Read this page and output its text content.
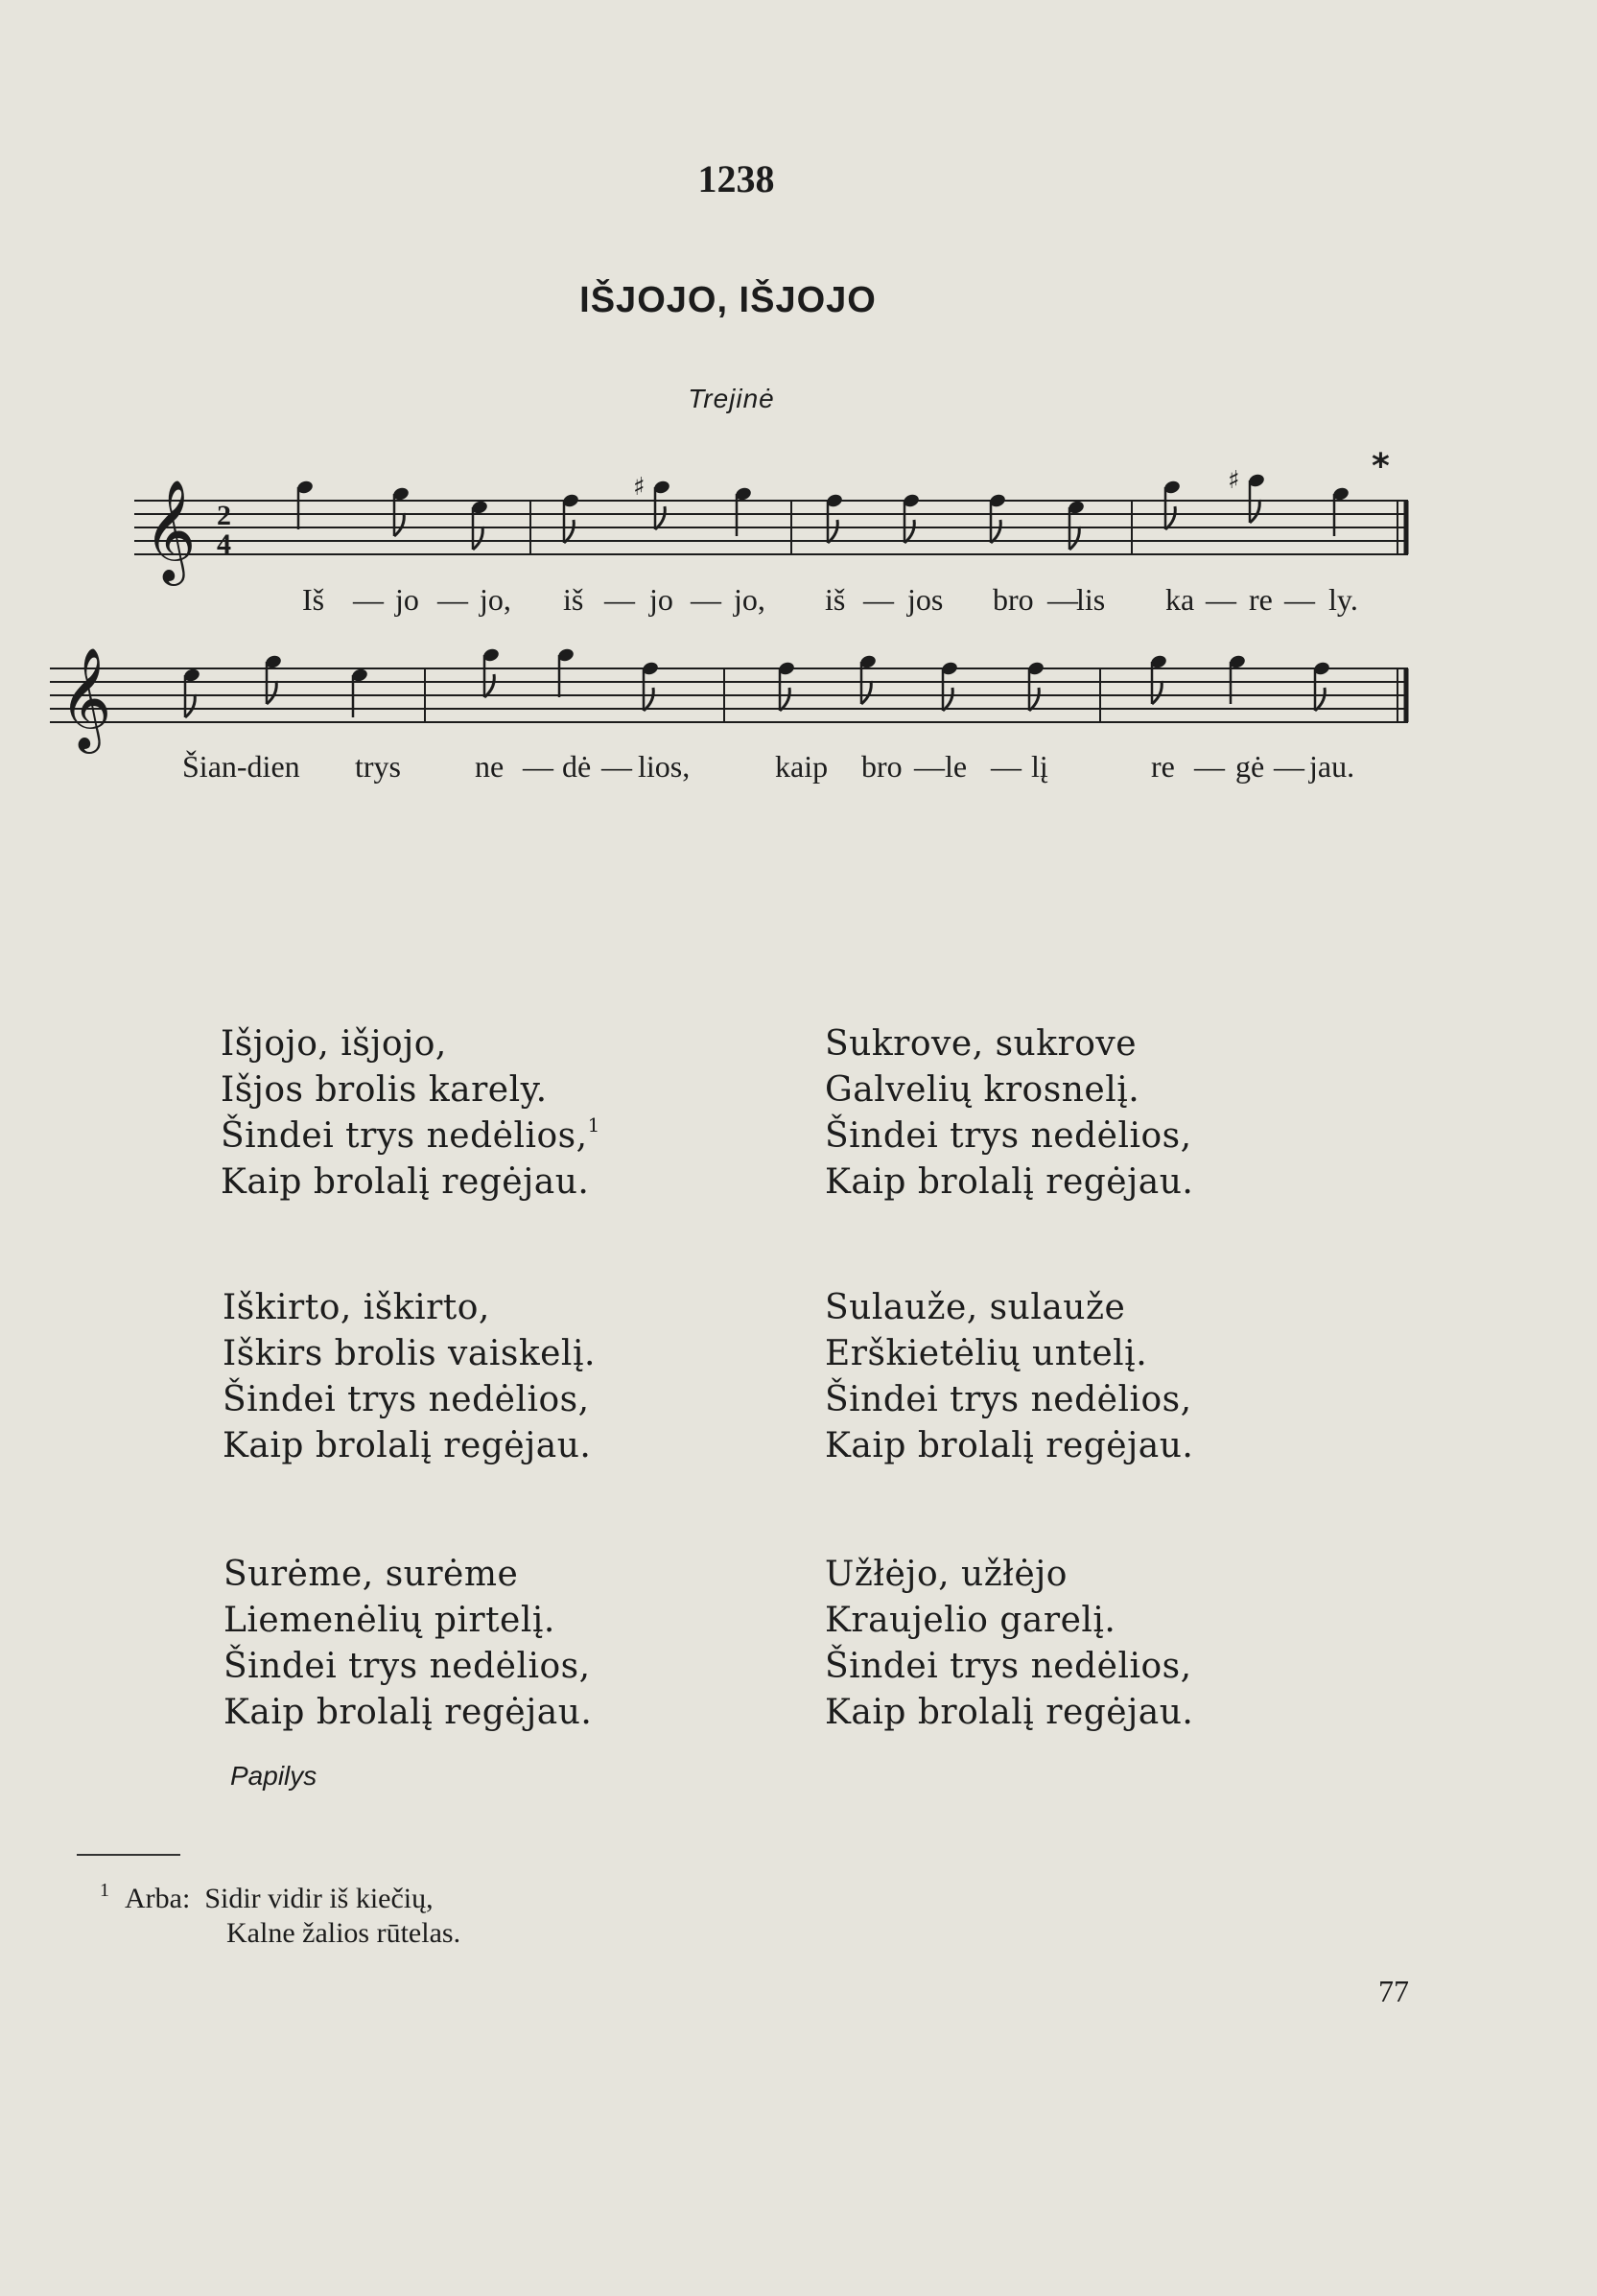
1238
IŠJOJO, IŠJOJO
Trejinė
𝄞 2
4
*
♯	♯
𝄞
Iš — jo — jo, iš — jo — jo, iš — jos bro —
lis ka — re — ly.
Šian-dien trys ne — dė — lios,	kaip bro — le — lį	re — gė — jau.
Išjojo, išjojo,
Išjos brolis karely.
Šindei trys nedėlios,$^1$
Kaip brolalį regėjau.
Sukrove, sukrove
Galvelių krosnelį.
Šindei trys nedėlios,
Kaip brolalį regėjau.
Iškirto, iškirto,
Iškirs brolis vaiskelį.
Šindei trys nedėlios,
Kaip brolalį regėjau.
Sulauže, sulauže
Erškietėlių untelį.
Šindei trys nedėlios,
Kaip brolalį regėjau.
Surėme, surėme
Liemenėlių pirtelį.
Šindei trys nedėlios,
Kaip brolalį regėjau.
Užłėjo, užłėjo
Kraujelio garelį.
Šindei trys nedėlios,
Kaip brolalį regėjau.
Papilys
$^1$ Arba: Sidir vidir iš kiečių,
Kalne žalios rūtelas.
77
